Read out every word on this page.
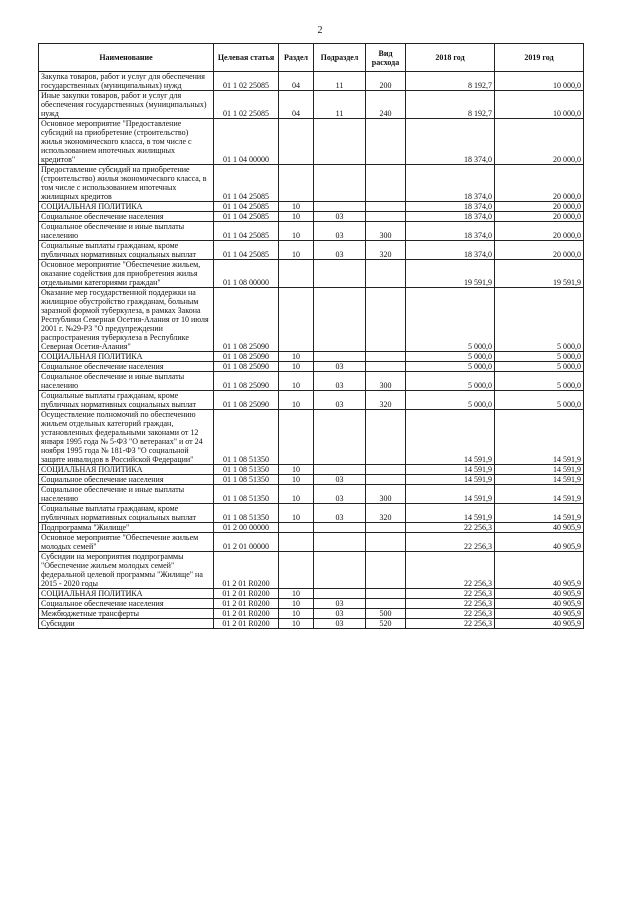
2
Наименование	Целевая статья	Раздел	Подраздел	Вид расхода	2018 год	2019 год
Закупка товаров, работ и услуг для обеспечения государственных (муниципальных) нужд	01 1 02 25085	04	11	200	8 192,7	10 000,0
Иные закупки товаров, работ и услуг для обеспечения государственных (муниципальных) нужд	01 1 02 25085	04	11	240	8 192,7	10 000,0
Основное мероприятие "Предоставление субсидий на приобретение (строительство) жилья экономического класса, в том числе с использованием ипотечных жилищных кредитов"	01 1 04 00000				18 374,0	20 000,0
Предоставление субсидий на приобретение (строительство) жилья экономического класса, в том числе с использованием ипотечных жилищных кредитов	01 1 04 25085				18 374,0	20 000,0
СОЦИАЛЬНАЯ ПОЛИТИКА	01 1 04 25085	10			18 374,0	20 000,0
Социальное обеспечение населения	01 1 04 25085	10	03		18 374,0	20 000,0
Социальное обеспечение и иные выплаты населению	01 1 04 25085	10	03	300	18 374,0	20 000,0
Социальные выплаты гражданам, кроме публичных нормативных социальных выплат	01 1 04 25085	10	03	320	18 374,0	20 000,0
Основное мероприятие "Обеспечение жильем, оказание содействия для приобретения жилья отдельными категориями граждан"	01 1 08 00000				19 591,9	19 591,9
Оказание мер государственной поддержки на жилищное обустройство гражданам, больным заразной формой туберкулеза, в рамках Закона Республики Северная Осетия-Алания от 10 июля 2001 г. №29-РЗ "О предупреждении распространения туберкулеза в Республике Северная Осетия-Алания"	01 1 08 25090				5 000,0	5 000,0
СОЦИАЛЬНАЯ ПОЛИТИКА	01 1 08 25090	10			5 000,0	5 000,0
Социальное обеспечение населения	01 1 08 25090	10	03		5 000,0	5 000,0
Социальное обеспечение и иные выплаты населению	01 1 08 25090	10	03	300	5 000,0	5 000,0
Социальные выплаты гражданам, кроме публичных нормативных социальных выплат	01 1 08 25090	10	03	320	5 000,0	5 000,0
Осуществление полномочий по обеспечению жильем отдельных категорий граждан, установленных федеральными законами от 12 января 1995 года № 5-ФЗ "О ветеранах" и от 24 ноября 1995 года № 181-ФЗ "О социальной защите инвалидов в Российской Федерации"	01 1 08 51350				14 591,9	14 591,9
СОЦИАЛЬНАЯ ПОЛИТИКА	01 1 08 51350	10			14 591,9	14 591,9
Социальное обеспечение населения	01 1 08 51350	10	03		14 591,9	14 591,9
Социальное обеспечение и иные выплаты населению	01 1 08 51350	10	03	300	14 591,9	14 591,9
Социальные выплаты гражданам, кроме публичных нормативных социальных выплат	01 1 08 51350	10	03	320	14 591,9	14 591,9
Подпрограмма "Жилище"	01 2 00 00000				22 256,3	40 905,9
Основное мероприятие "Обеспечение жильем молодых семей"	01 2 01 00000				22 256,3	40 905,9
Субсидии на мероприятия подпрограммы "Обеспечение жильем молодых семей" федеральной целевой программы "Жилище" на 2015 - 2020 годы	01 2 01 R0200				22 256,3	40 905,9
СОЦИАЛЬНАЯ ПОЛИТИКА	01 2 01 R0200	10			22 256,3	40 905,9
Социальное обеспечение населения	01 2 01 R0200	10	03		22 256,3	40 905,9
Межбюджетные трансферты	01 2 01 R0200	10	03	500	22 256,3	40 905,9
Субсидии	01 2 01 R0200	10	03	520	22 256,3	40 905,9
